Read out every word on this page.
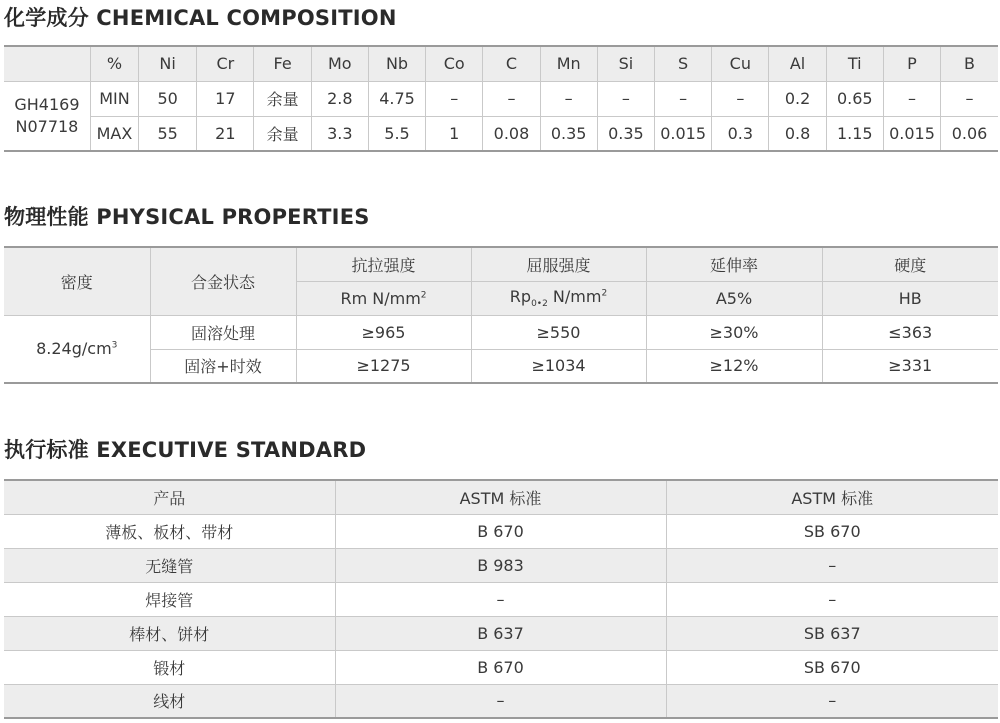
化学成分 CHEMICAL COMPOSITION
	%	Ni	Cr	Fe	Mo	Nb	Co	C	Mn	Si	S	Cu	Al	Ti	P	B

GH4169
N07718	MIN	50	17	余量	2.8	4.75	–	–	–	–	–	–	0.2	0.65	–	–
	MAX	55	21	余量	3.3	5.5	1	0.08	0.35	0.35	0.015	0.3	0.8	1.15	0.015	0.06
物理性能 PHYSICAL PROPERTIES
密度	合金状态	抗拉强度	屈服强度	延伸率	硬度
		Rm $N/mm^2$	$Rp_{0•2}$ $N/mm^2$	A5%	HB
$8.24g/cm^3$	固溶处理	≥965	≥550	≥30%	≤363
	固溶+时效	≥1275	≥1034	≥12%	≥331
执行标准 EXECUTIVE STANDARD
产品	ASTM 标准	ASTM 标准
薄板、板材、带材	B 670	SB 670
无缝管	B 983	–
焊接管	–	–
棒材、饼材	B 637	SB 637
锻材	B 670	SB 670
线材	–	–
